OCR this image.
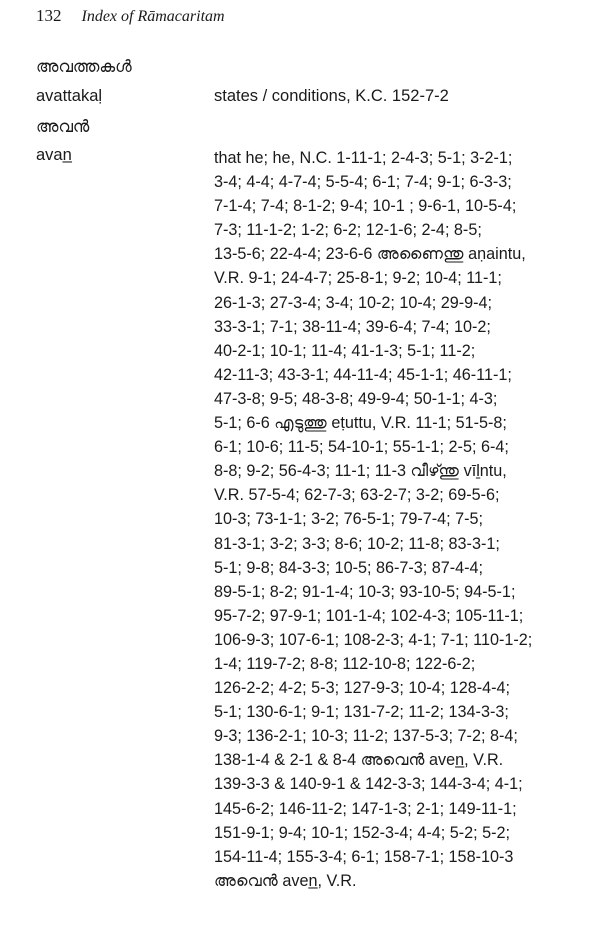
132 Index of Rāmacaritam
അവത്തകൾ
avattakaḷ	states / conditions, K.C. 152-7-2
അവൻ
avan̲	that he; he, N.C. 1-11-1; 2-4-3; 5-1; 3-2-1;
3-4; 4-4; 4-7-4; 5-5-4; 6-1; 7-4; 9-1; 6-3-3;
7-1-4; 7-4; 8-1-2; 9-4; 10-1 ; 9-6-1, 10-5-4;
7-3; 11-1-2; 1-2; 6-2; 12-1-6; 2-4; 8-5;
13-5-6; 22-4-4; 23-6-6 അണൈന്തു aṇaintu,
V.R. 9-1; 24-4-7; 25-8-1; 9-2; 10-4; 11-1;
26-1-3; 27-3-4; 3-4; 10-2; 10-4; 29-9-4;
33-3-1; 7-1; 38-11-4; 39-6-4; 7-4; 10-2;
40-2-1; 10-1; 11-4; 41-1-3; 5-1; 11-2;
42-11-3; 43-3-1; 44-11-4; 45-1-1; 46-11-1;
47-3-8; 9-5; 48-3-8; 49-9-4; 50-1-1; 4-3;
5-1; 6-6 എടുത്തു eṭuttu, V.R. 11-1; 51-5-8;
6-1; 10-6; 11-5; 54-10-1; 55-1-1; 2-5; 6-4;
8-8; 9-2; 56-4-3; 11-1; 11-3 വീഴ്ന്തു vīḻntu,
V.R. 57-5-4; 62-7-3; 63-2-7; 3-2; 69-5-6;
10-3; 73-1-1; 3-2; 76-5-1; 79-7-4; 7-5;
81-3-1; 3-2; 3-3; 8-6; 10-2; 11-8; 83-3-1;
5-1; 9-8; 84-3-3; 10-5; 86-7-3; 87-4-4;
89-5-1; 8-2; 91-1-4; 10-3; 93-10-5; 94-5-1;
95-7-2; 97-9-1; 101-1-4; 102-4-3; 105-11-1;
106-9-3; 107-6-1; 108-2-3; 4-1; 7-1; 110-1-2;
1-4; 119-7-2; 8-8; 112-10-8; 122-6-2;
126-2-2; 4-2; 5-3; 127-9-3; 10-4; 128-4-4;
5-1; 130-6-1; 9-1; 131-7-2; 11-2; 134-3-3;
9-3; 136-2-1; 10-3; 11-2; 137-5-3; 7-2; 8-4;
138-1-4 & 2-1 & 8-4 അവെൻ aven̲, V.R.
139-3-3 & 140-9-1 & 142-3-3; 144-3-4; 4-1;
145-6-2; 146-11-2; 147-1-3; 2-1; 149-11-1;
151-9-1; 9-4; 10-1; 152-3-4; 4-4; 5-2; 5-2;
154-11-4; 155-3-4; 6-1; 158-7-1; 158-10-3
അവെൻ aven̲, V.R.
